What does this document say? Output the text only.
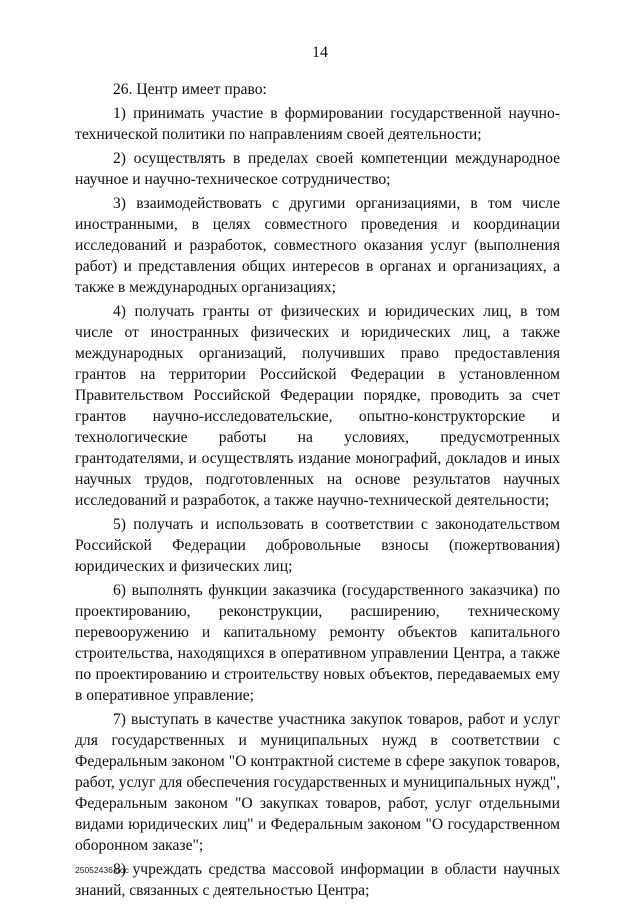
14

26. Центр имеет право:

1) принимать участие в формировании государственной научно-технической политики по направлениям своей деятельности;

2) осуществлять в пределах своей компетенции международное научное и научно-техническое сотрудничество;

3) взаимодействовать с другими организациями, в том числе иностранными, в целях совместного проведения и координации исследований и разработок, совместного оказания услуг (выполнения работ) и представления общих интересов в органах и организациях, а также в международных организациях;

4) получать гранты от физических и юридических лиц, в том числе от иностранных физических и юридических лиц, а также международных организаций, получивших право предоставления грантов на территории Российской Федерации в установленном Правительством Российской Федерации порядке, проводить за счет грантов научно-исследовательские, опытно-конструкторские и технологические работы на условиях, предусмотренных грантодателями, и осуществлять издание монографий, докладов и иных научных трудов, подготовленных на основе результатов научных исследований и разработок, а также научно-технической деятельности;

5) получать и использовать в соответствии с законодательством Российской Федерации добровольные взносы (пожертвования) юридических и физических лиц;

6) выполнять функции заказчика (государственного заказчика) по проектированию, реконструкции, расширению, техническому перевооружению и капитальному ремонту объектов капитального строительства, находящихся в оперативном управлении Центра, а также по проектированию и строительству новых объектов, передаваемых ему в оперативное управление;

7) выступать в качестве участника закупок товаров, работ и услуг для государственных и муниципальных нужд в соответствии с Федеральным законом "О контрактной системе в сфере закупок товаров, работ, услуг для обеспечения государственных и муниципальных нужд", Федеральным законом "О закупках товаров, работ, услуг отдельными видами юридических лиц" и Федеральным законом "О государственном оборонном заказе";

8) учреждать средства массовой информации в области научных знаний, связанных с деятельностью Центра;

25052436.doc
